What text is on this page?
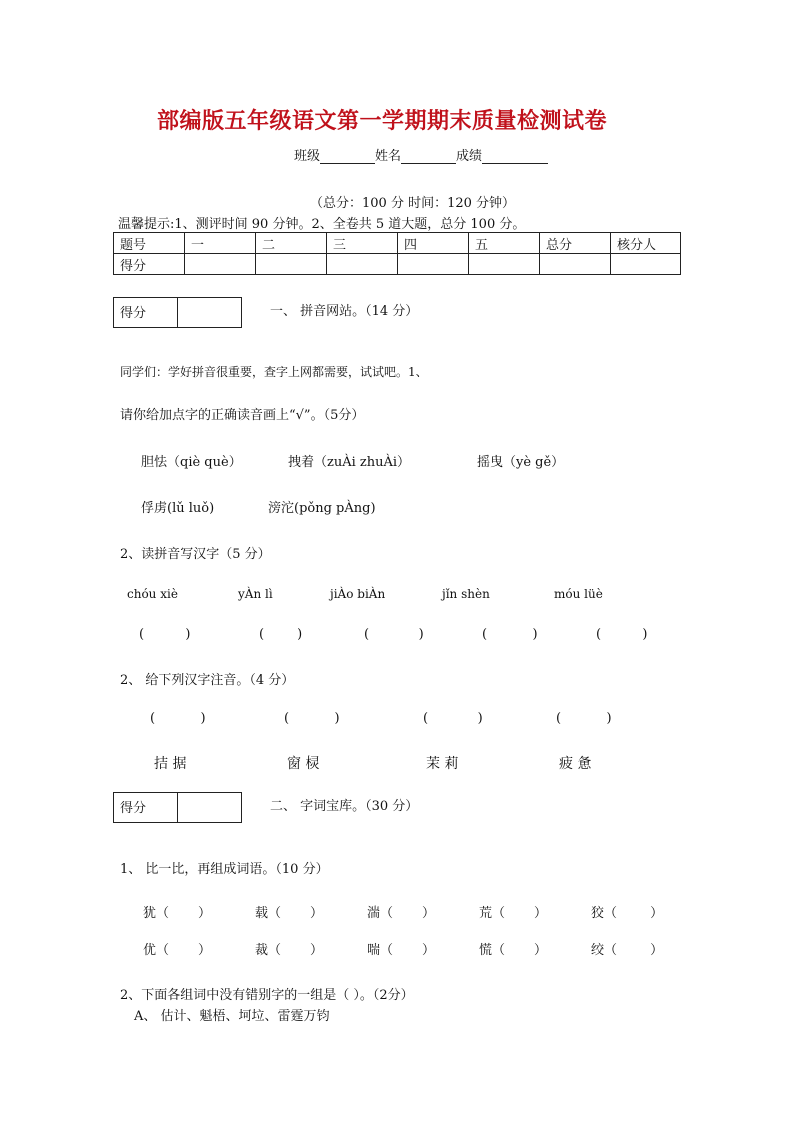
部编版五年级语文第一学期期末质量检测试卷
班级	姓名	成绩
（总分：100 分 时间：120 分钟）
温馨提示:1、测评时间 90 分钟。2、全卷共 5 道大题，总分 100 分。
题号	一	二	三	四	五	总分	核分人
得分							
得分	一、 拼音网站。（14 分）
同学们：学好拼音很重要，查字上网都需要，试试吧。1、
请你给加点字的正确读音画上“√”。（5分）
胆怯（qiè què）	拽着（zuÀi zhuÀi）	摇曳（yè gě）
俘虏(lǔ luǒ)	滂沱(pǒng pÀng)
2、读拼音写汉字（5 分）
chóu xiè	yÀn lì	jiÀo biÀn	jǐn shèn	móu lüè
(          )	(        )	(            )	(           )	(          )
2、 给下列汉字注音。（4 分）
(           )	(           )	(            )	(           )
拮 据	窗 棂	茉 莉	疲 惫
得分	二、 字词宝库。（30 分）
1、 比一比，再组成词语。（10 分）
犹（       ）	载（       ）	湍（       ）	荒（       ）	狡（        ）
优（       ）	裁（       ）	喘（       ）	慌（       ）	绞（        ）
2、下面各组词中没有错别字的一组是（ ）。（2分）
A、 估计、魁梧、坷垃、雷霆万钧
